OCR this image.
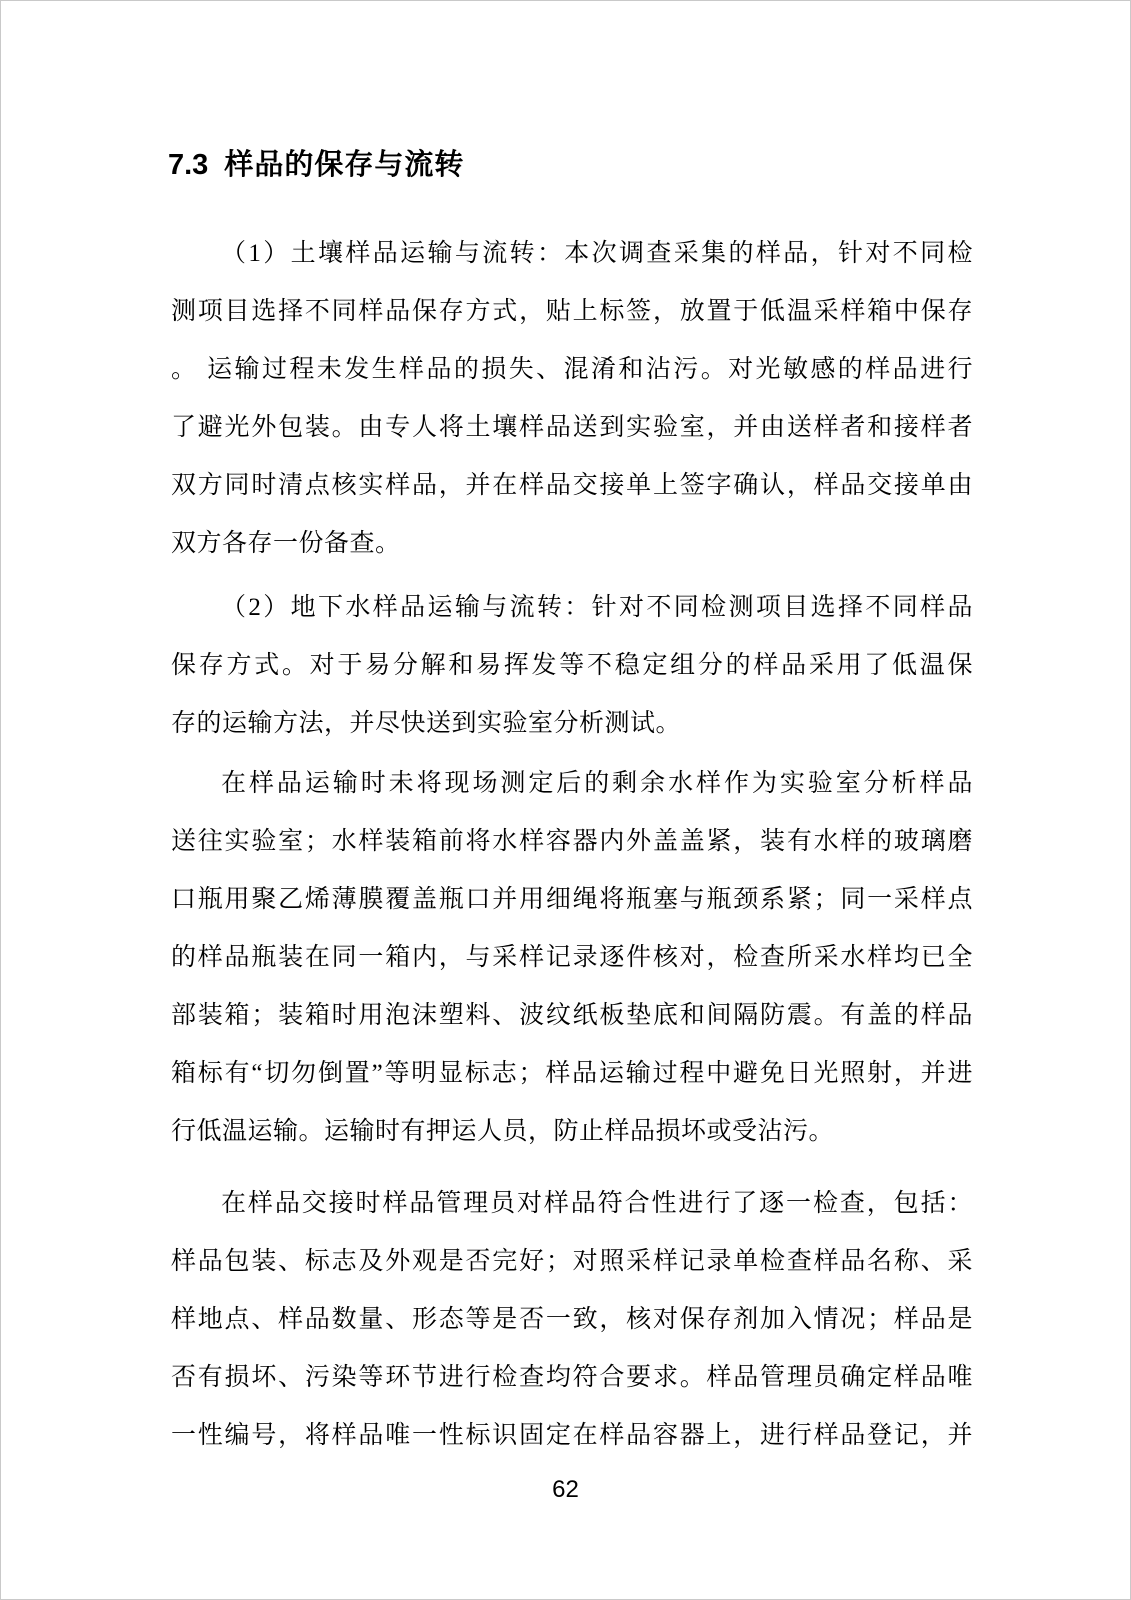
7.3 样品的保存与流转
（1）土壤样品运输与流转：本次调查采集的样品，针对不同检
测项目选择不同样品保存方式，贴上标签，放置于低温采样箱中保存
。 运输过程未发生样品的损失、混淆和沾污。对光敏感的样品进行
了避光外包装。由专人将土壤样品送到实验室，并由送样者和接样者
双方同时清点核实样品，并在样品交接单上签字确认，样品交接单由
双方各存一份备查。
（2）地下水样品运输与流转：针对不同检测项目选择不同样品
保存方式。对于易分解和易挥发等不稳定组分的样品采用了低温保
存的运输方法，并尽快送到实验室分析测试。
在样品运输时未将现场测定后的剩余水样作为实验室分析样品
送往实验室；水样装箱前将水样容器内外盖盖紧，装有水样的玻璃磨
口瓶用聚乙烯薄膜覆盖瓶口并用细绳将瓶塞与瓶颈系紧；同一采样点
的样品瓶装在同一箱内，与采样记录逐件核对，检查所采水样均已全
部装箱；装箱时用泡沫塑料、波纹纸板垫底和间隔防震。有盖的样品
箱标有“切勿倒置”等明显标志；样品运输过程中避免日光照射，并进
行低温运输。运输时有押运人员，防止样品损坏或受沾污。
在样品交接时样品管理员对样品符合性进行了逐一检查，包括：
样品包装、标志及外观是否完好；对照采样记录单检查样品名称、采
样地点、样品数量、形态等是否一致，核对保存剂加入情况；样品是
否有损坏、污染等环节进行检查均符合要求。样品管理员确定样品唯
一性编号，将样品唯一性标识固定在样品容器上，进行样品登记，并
62
